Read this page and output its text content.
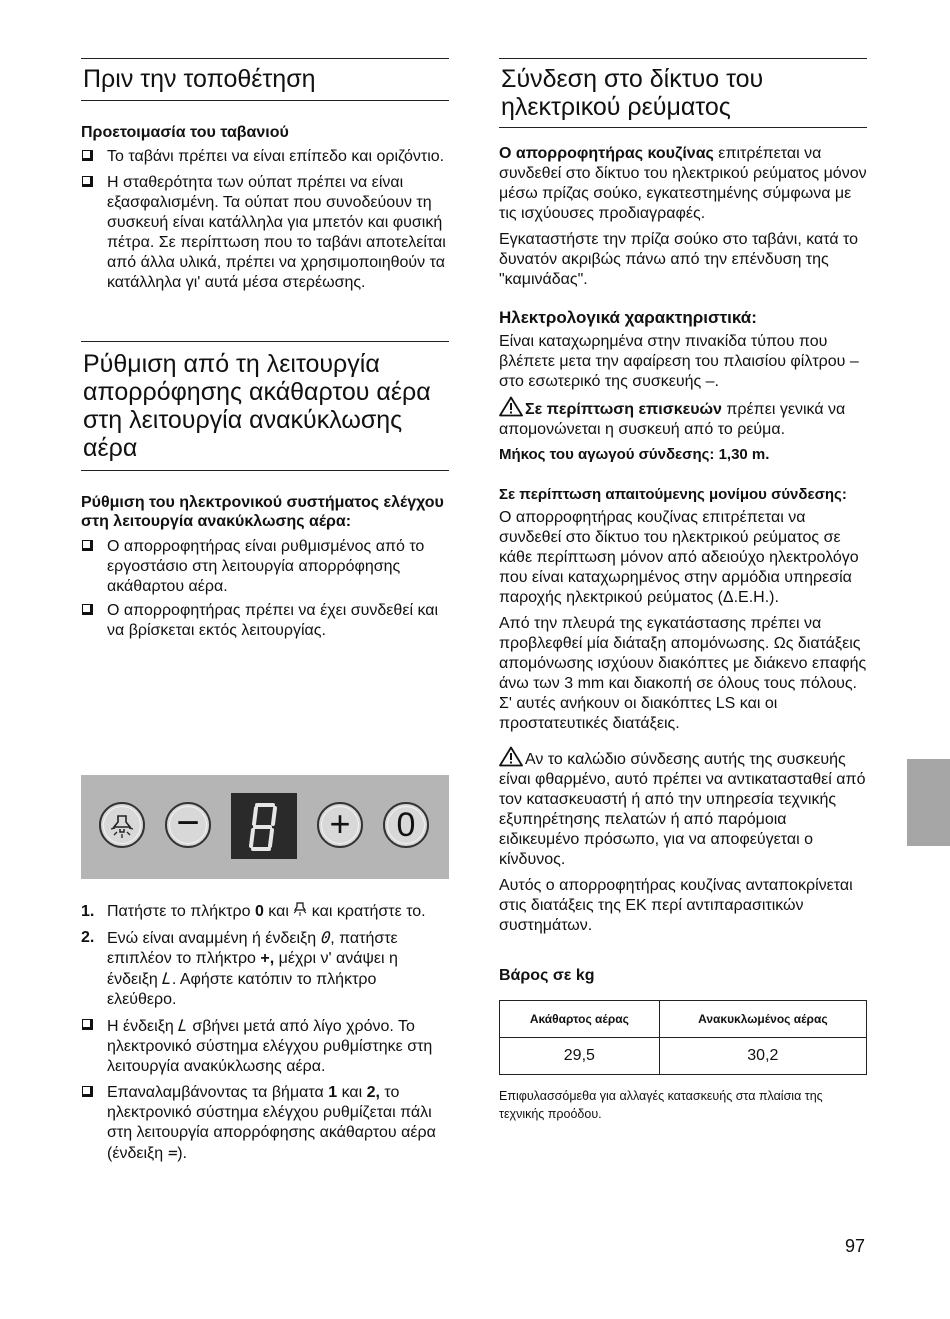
Πριν την τοποθέτηση
Προετοιμασία του ταβανιού
Το ταβάνι πρέπει να είναι επίπεδο και οριζόντιο.
Η σταθερότητα των ούπατ πρέπει να είναι εξασφαλισμένη. Τα ούπατ που συνοδεύουν τη συσκευή είναι κατάλληλα για μπετόν και φυσική πέτρα. Σε περίπτωση που το ταβάνι αποτελείται από άλλα υλικά, πρέπει να χρησιμοποιηθούν τα κατάλληλα γι' αυτά μέσα στερέωσης.
Ρύθμιση από τη λειτουργία απορρόφησης ακάθαρτου αέρα στη λειτουργία ανακύκλωσης αέρα
Ρύθμιση του ηλεκτρονικού συστήματος ελέγχου στη λειτουργία ανακύκλωσης αέρα:
Ο απορροφητήρας είναι ρυθμισμένος από το εργοστάσιο στη λειτουργία απορρόφησης ακάθαρτου αέρα.
Ο απορροφητήρας πρέπει να έχει συνδεθεί και να βρίσκεται εκτός λειτουργίας.
−	+ 0
1. Πατήστε το πλήκτρο 0 και  και κρατήστε το.
2. Ενώ είναι αναμμένη ή ένδειξη 0, πατήστε επιπλέον το πλήκτρο +, μέχρι ν' ανάψει η ένδειξη L. Αφήστε κατόπιν το πλήκτρο ελεύθερο.
Η ένδειξη L σβήνει μετά από λίγο χρόνο. Το ηλεκτρονικό σύστημα ελέγχου ρυθμίστηκε στη λειτουργία ανακύκλωσης αέρα.
Επαναλαμβάνοντας τα βήματα 1 και 2, το ηλεκτρονικό σύστημα ελέγχου ρυθμίζεται πάλι στη λειτουργία απορρόφησης ακάθαρτου αέρα (ένδειξη =).
Σύνδεση στο δίκτυο του ηλεκτρικού ρεύματος

Ο απορροφητήρας κουζίνας επιτρέπεται να συνδεθεί στο δίκτυο του ηλεκτρικού ρεύματος μόνον μέσω πρίζας σούκο, εγκατεστημένης σύμφωνα με τις ισχύουσες προδιαγραφές.

Εγκαταστήστε την πρίζα σούκο στο ταβάνι, κατά το δυνατόν ακριβώς πάνω από την επένδυση της "καμινάδας".

Ηλεκτρολογικά χαρακτηριστικά:

Είναι καταχωρημένα στην πινακίδα τύπου που βλέπετε μετα την αφαίρεση του πλαισίου φίλτρου – στο εσωτερικό της συσκευής –.

Σε περίπτωση επισκευών πρέπει γενικά να απομονώνεται η συσκευή από το ρεύμα.

Μήκος του αγωγού σύνδεσης: 1,30 m.

Σε περίπτωση απαιτούμενης μονίμου σύνδεσης:

Ο απορροφητήρας κουζίνας επιτρέπεται να συνδεθεί στο δίκτυο του ηλεκτρικού ρεύματος σε κάθε περίπτωση μόνον από αδειούχο ηλεκτρολόγο που είναι καταχωρημένος στην αρμόδια υπηρεσία παροχής ηλεκτρικού ρεύματος (Δ.Ε.Η.).

Από την πλευρά της εγκατάστασης πρέπει να προβλεφθεί μία διάταξη απομόνωσης. Ως διατάξεις απομόνωσης ισχύουν διακόπτες με διάκενο επαφής άνω των 3 mm και διακοπή σε όλους τους πόλους. Σ' αυτές ανήκουν οι διακόπτες LS και οι προστατευτικές διατάξεις.

Αν το καλώδιο σύνδεσης αυτής της συσκευής είναι φθαρμένο, αυτό πρέπει να αντικατασταθεί από τον κατασκευαστή ή από την υπηρεσία τεχνικής εξυπηρέτησης πελατών ή από παρόμοια ειδικευμένο πρόσωπο, για να αποφεύγεται ο κίνδυνος.

Αυτός ο απορροφητήρας κουζίνας ανταποκρίνεται στις διατάξεις της ΕΚ περί αντιπαρασιτικών συστημάτων.

Βάρος σε kg
Ακάθαρτος αέρας	Ανακυκλωμένος αέρας
29,5	30,2

Επιφυλασσόμεθα για αλλαγές κατασκευής στα πλαίσια της τεχνικής προόδου.

97
